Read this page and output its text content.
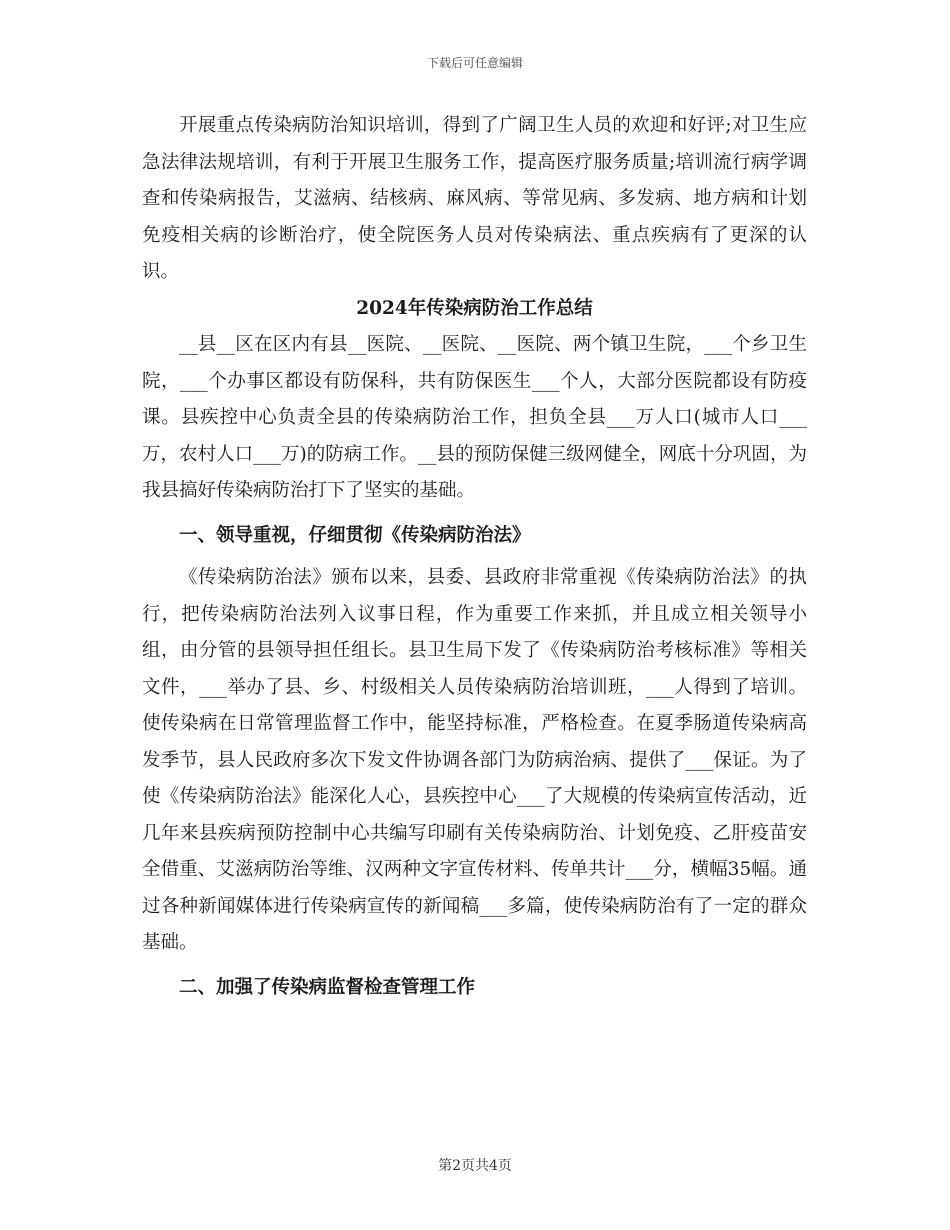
下载后可任意编辑

开展重点传染病防治知识培训，得到了广阔卫生人员的欢迎和好评;对卫生应急法律法规培训，有利于开展卫生服务工作，提高医疗服务质量;培训流行病学调查和传染病报告，艾滋病、结核病、麻风病、等常见病、多发病、地方病和计划免疫相关病的诊断治疗，使全院医务人员对传染病法、重点疾病有了更深的认识。

2024年传染病防治工作总结

__县__区在区内有县__医院、__医院、__医院、两个镇卫生院，___个乡卫生院，___个办事区都设有防保科，共有防保医生___个人，大部分医院都设有防疫课。县疾控中心负责全县的传染病防治工作，担负全县___万人口(城市人口___万，农村人口___万)的防病工作。__县的预防保健三级网健全，网底十分巩固，为我县搞好传染病防治打下了坚实的基础。

一、领导重视，仔细贯彻《传染病防治法》

《传染病防治法》颁布以来，县委、县政府非常重视《传染病防治法》的执行，把传染病防治法列入议事日程，作为重要工作来抓，并且成立相关领导小组，由分管的县领导担任组长。县卫生局下发了《传染病防治考核标准》等相关文件，___举办了县、乡、村级相关人员传染病防治培训班，___人得到了培训。使传染病在日常管理监督工作中，能坚持标准，严格检查。在夏季肠道传染病高发季节，县人民政府多次下发文件协调各部门为防病治病、提供了___保证。为了使《传染病防治法》能深化人心，县疾控中心___了大规模的传染病宣传活动，近几年来县疾病预防控制中心共编写印刷有关传染病防治、计划免疫、乙肝疫苗安全借重、艾滋病防治等维、汉两种文字宣传材料、传单共计___分，横幅35幅。通过各种新闻媒体进行传染病宣传的新闻稿___多篇，使传染病防治有了一定的群众基础。

二、加强了传染病监督检查管理工作

第2页共4页
